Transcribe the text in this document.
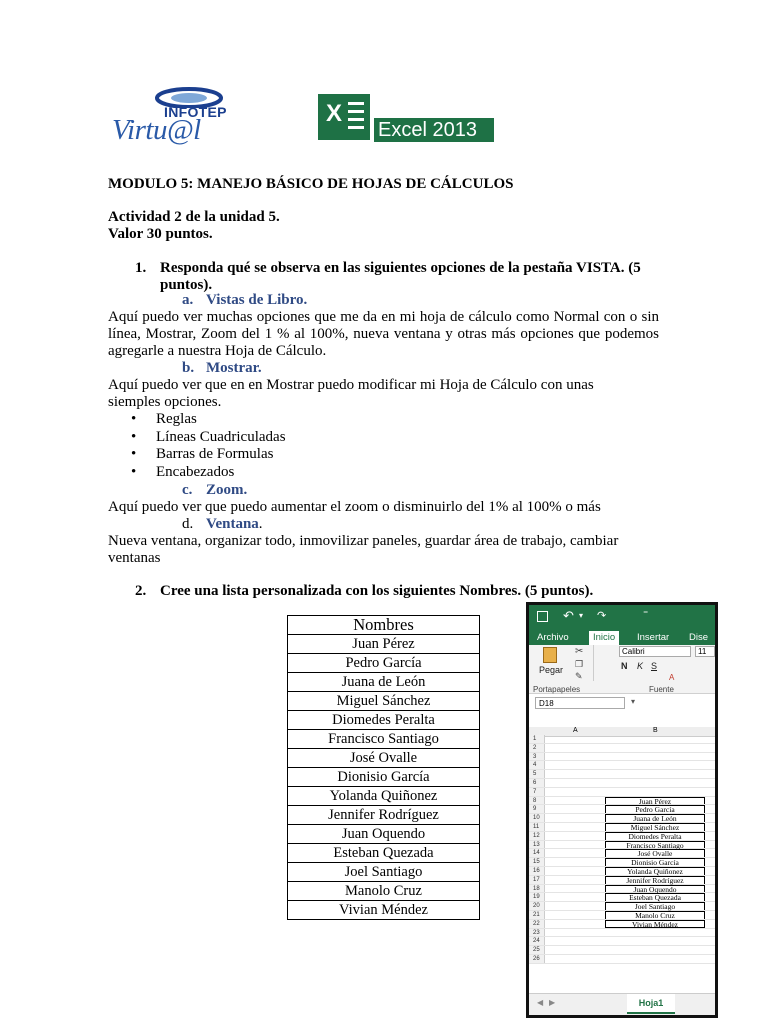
INFOTEP
Virtu@l
X
Excel 2013
MODULO 5: MANEJO BÁSICO DE HOJAS DE CÁLCULOS
Actividad 2 de la unidad 5.
Valor 30 puntos.
1. Responda qué se observa en las siguientes opciones de la pestaña VISTA. (5 puntos).
a. Vistas de Libro.
Aquí puedo ver muchas opciones que me da en mi hoja de cálculo como Normal con o sin línea, Mostrar, Zoom del 1 % al 100%, nueva ventana y otras más opciones que podemos agregarle a nuestra Hoja de Cálculo.
b. Mostrar.
Aquí puedo ver que en en Mostrar puedo modificar mi Hoja de Cálculo con unas siemples opciones.
• Reglas
• Líneas Cuadriculadas
• Barras de Formulas
• Encabezados
c. Zoom.
Aquí puedo ver que puedo aumentar el zoom o disminuirlo del 1% al 100% o más
d. Ventana.
Nueva ventana, organizar todo, inmovilizar paneles, guardar área de trabajo, cambiar ventanas
2. Cree una lista personalizada con los siguientes Nombres. (5 puntos).
Nombres
Juan Pérez
Pedro García
Juana de León
Miguel Sánchez
Diomedes Peralta
Francisco Santiago
José Ovalle
Dionisio García
Yolanda Quiñonez
Jennifer Rodríguez
Juan Oquendo
Esteban Quezada
Joel Santiago
Manolo Cruz
Vivian Méndez
↶ ▾ ↷	⁼
Archivo	Inicio	Insertar Dise
Pegar
✂
❐
✎
Calibri	11
N K S
A
Portapapeles	Fuente
D18	▾
A	B
1
2
3
4
5
6
7
8	Juan Pérez
9	Pedro García
10	Juana de León
11	Miguel Sánchez
12	Diomedes Peralta
13	Francisco Santiago
14	José Ovalle
15	Dionisio García
16	Yolanda Quiñonez
17	Jennifer Rodríguez
18	Juan Oquendo
19	Esteban Quezada
20	Joel Santiago
21	Manolo Cruz
22	Vivian Méndez
23
24
25
26
◀ ▶	Hoja1
